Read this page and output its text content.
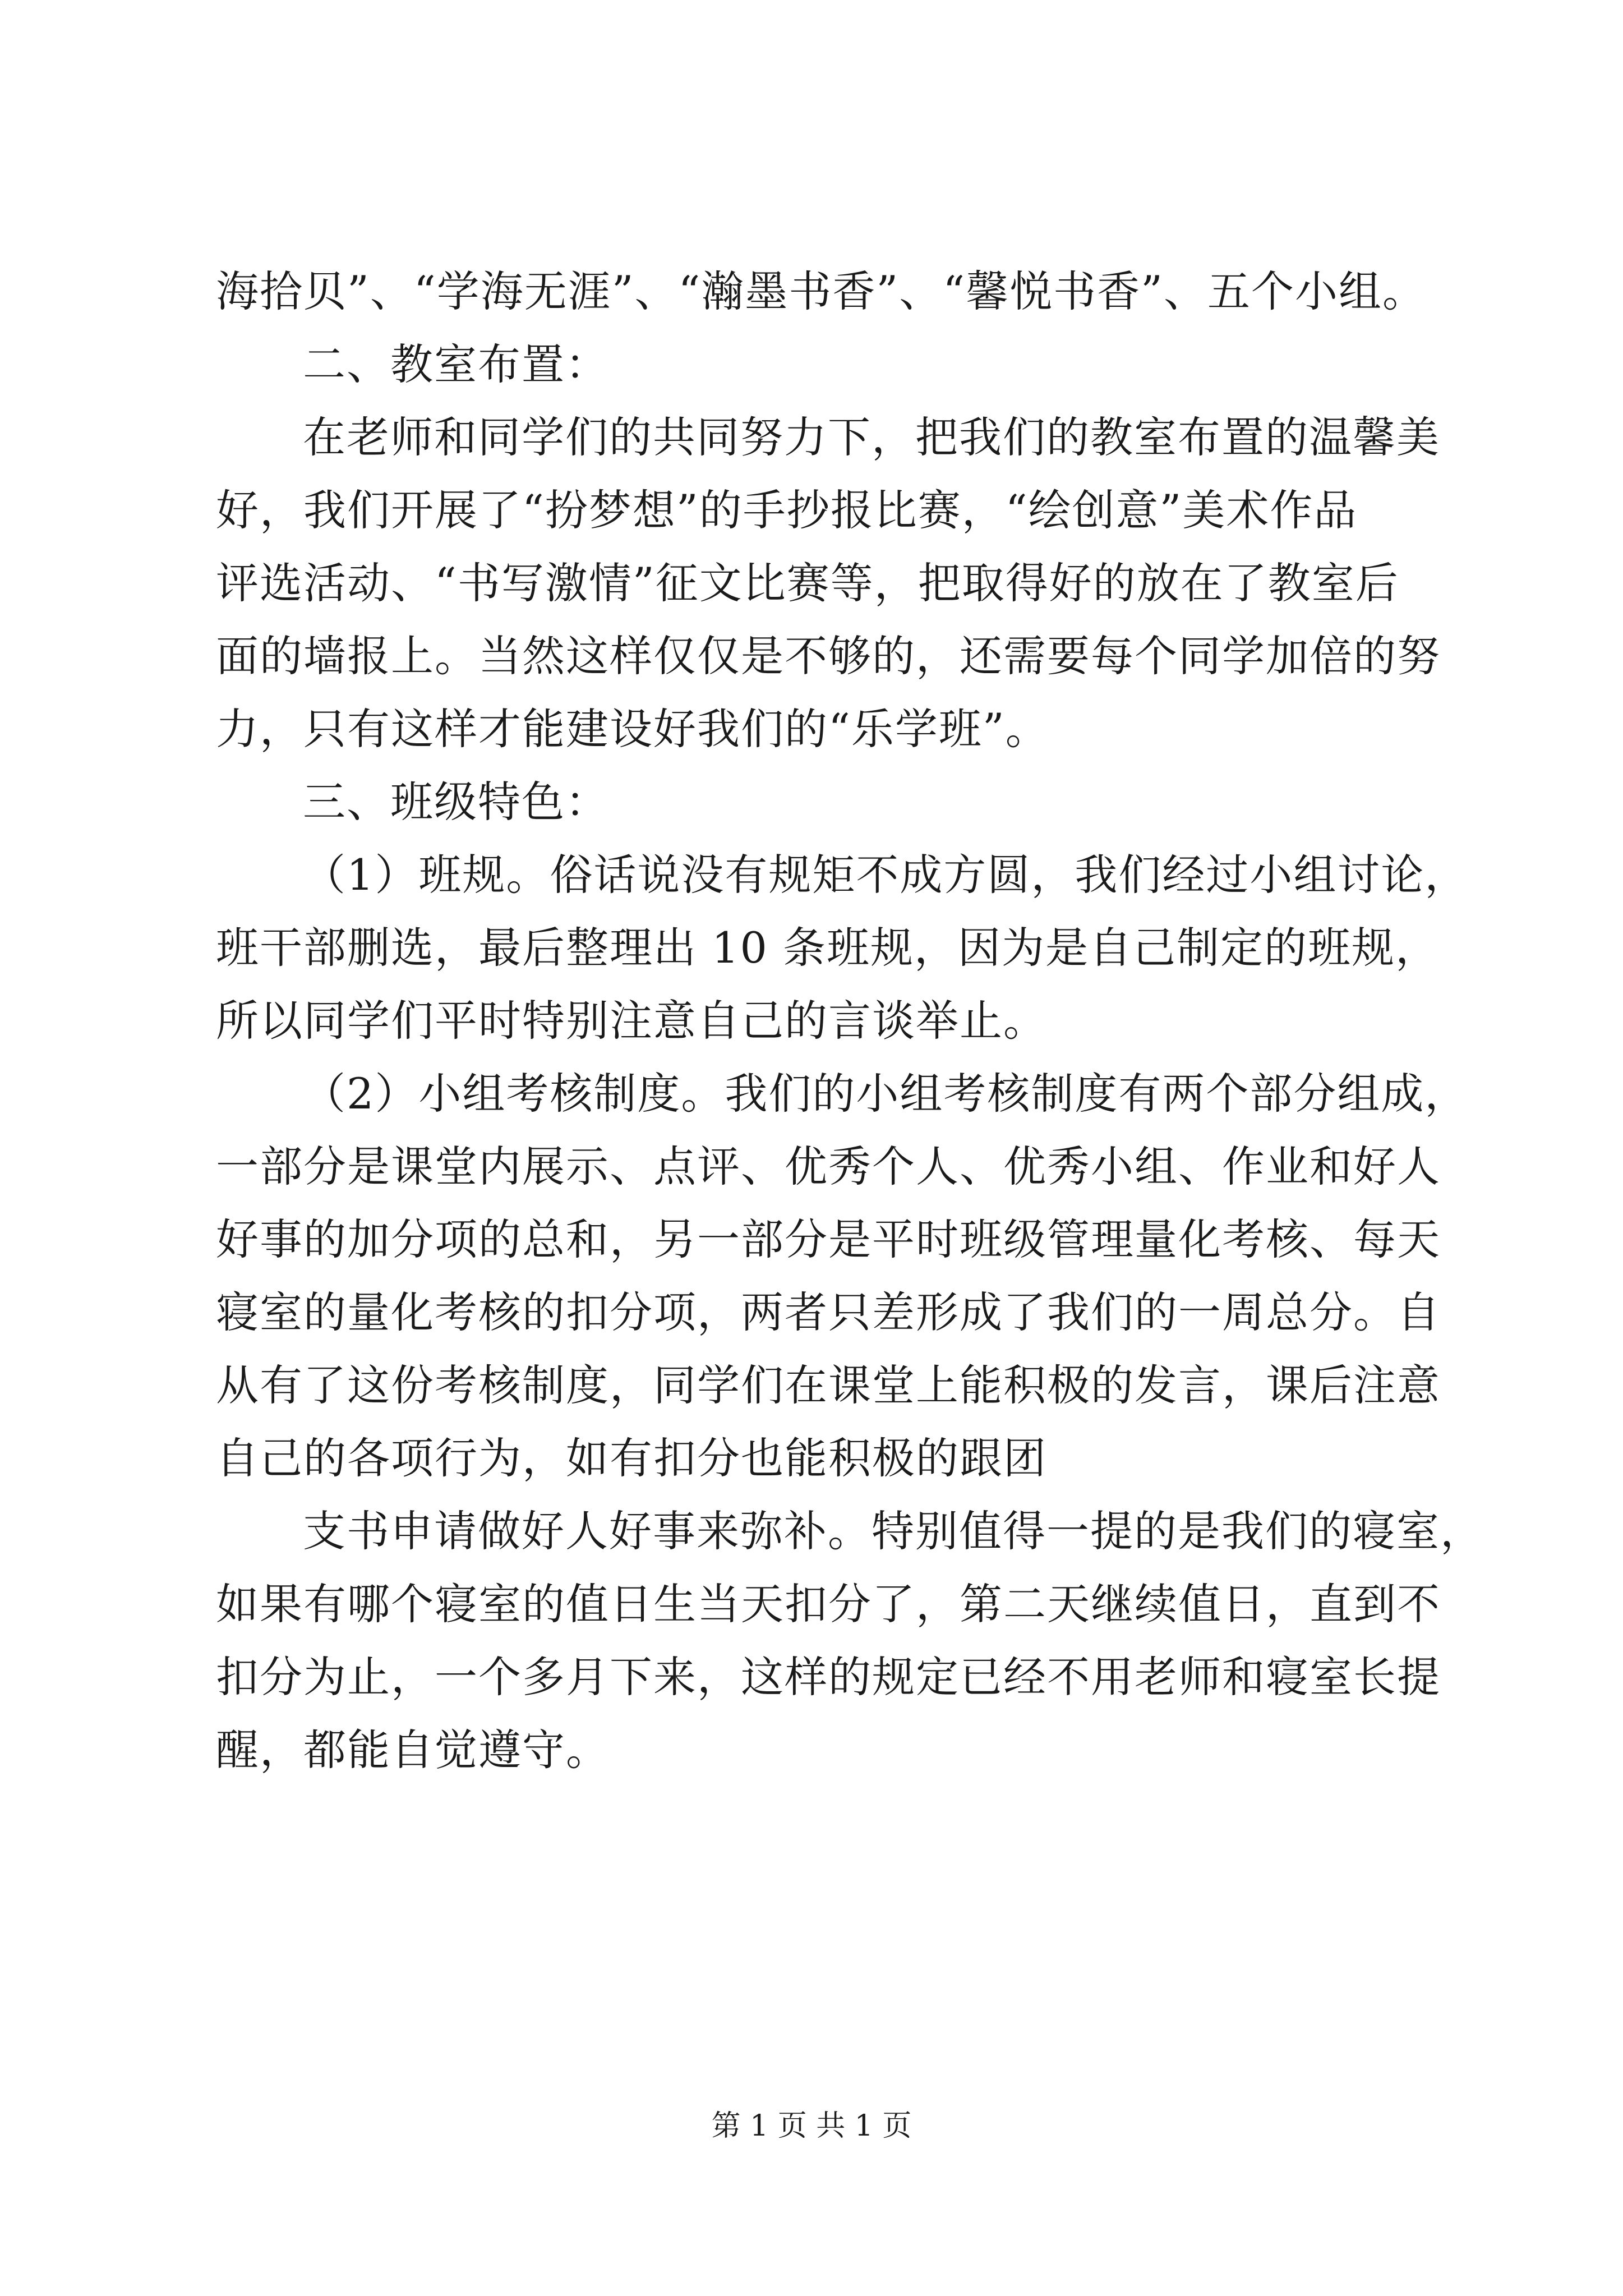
海拾贝”、“学海无涯”、“瀚墨书香”、“馨悦书香”、五个小组。
二、教室布置：
在老师和同学们的共同努力下，把我们的教室布置的温馨美
好，我们开展了“扮梦想”的手抄报比赛，“绘创意”美术作品
评选活动、“书写激情”征文比赛等，把取得好的放在了教室后
面的墙报上。当然这样仅仅是不够的，还需要每个同学加倍的努
力，只有这样才能建设好我们的“乐学班”。
三、班级特色：
（1）班规。俗话说没有规矩不成方圆，我们经过小组讨论，
班干部删选，最后整理出 10 条班规，因为是自己制定的班规，
所以同学们平时特别注意自己的言谈举止。
（2）小组考核制度。我们的小组考核制度有两个部分组成，
一部分是课堂内展示、点评、优秀个人、优秀小组、作业和好人
好事的加分项的总和，另一部分是平时班级管理量化考核、每天
寝室的量化考核的扣分项，两者只差形成了我们的一周总分。自
从有了这份考核制度，同学们在课堂上能积极的发言，课后注意
自己的各项行为，如有扣分也能积极的跟团
支书申请做好人好事来弥补。特别值得一提的是我们的寝室，
如果有哪个寝室的值日生当天扣分了，第二天继续值日，直到不
扣分为止，一个多月下来，这样的规定已经不用老师和寝室长提
醒，都能自觉遵守。
第 1 页 共 1 页
